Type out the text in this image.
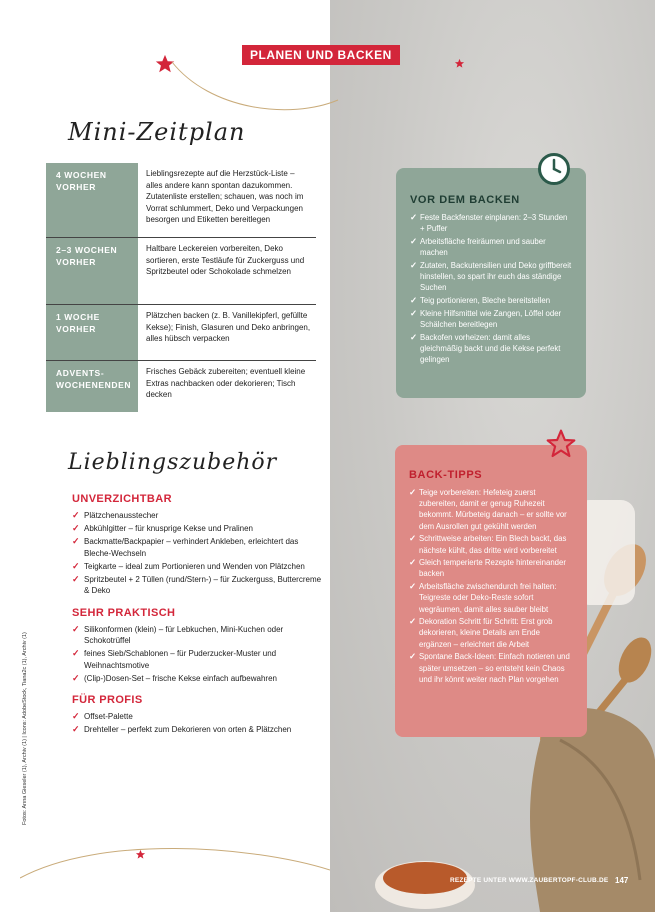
PLANEN UND BACKEN
Mini-Zeitplan
4 WOCHEN VORHER
Lieblingsrezepte auf die Herzstück-Liste – alles andere kann spontan dazukommen. Zutatenliste erstellen; schauen, was noch im Vorrat schlummert, Deko und Verpackungen besorgen und Etiketten bereitlegen
2–3 WOCHEN VORHER
Haltbare Leckereien vorbereiten, Deko sortieren, erste Testläufe für Zuckerguss und Spritzbeutel oder Schokolade schmelzen
1 WOCHE VORHER
Plätzchen backen (z. B. Vanillekipferl, gefüllte Kekse); Finish, Glasuren und Deko anbringen, alles hübsch verpacken
ADVENTS-WOCHENENDEN
Frisches Gebäck zubereiten; eventuell kleine Extras nachbacken oder dekorieren; Tisch decken
Lieblingszubehör
UNVERZICHTBAR
✓ Plätzchenausstecher
✓ Abkühlgitter – für knusprige Kekse und Pralinen
✓ Backmatte/Backpapier – verhindert Ankleben, erleichtert das Bleche-Wechseln
✓ Teigkarte – ideal zum Portionieren und Wenden von Plätzchen
✓ Spritzbeutel + 2 Tüllen (rund/Stern-) – für Zuckerguss, Buttercreme & Deko
SEHR PRAKTISCH
✓ Silikonformen (klein) – für Lebkuchen, Mini-Kuchen oder Schokotrüffel
✓ feines Sieb/Schablonen – für Puderzucker-Muster und Weihnachtsmotive
✓ (Clip-)Dosen-Set – frische Kekse einfach aufbewahren
FÜR PROFIS
✓ Offset-Palette
✓ Drehteller – perfekt zum Dekorieren von orten & Plätzchen
Fotos: Anna Gieseler (1), Archiv (1) | Icons: AdobeStock, Tiana2c (1), Archiv (1)
VOR DEM BACKEN
✓ Feste Backfenster einplanen: 2–3 Stunden + Puffer
✓ Arbeitsfläche freiräumen und sauber machen
✓ Zutaten, Backutensilien und Deko griffbereit hinstellen, so spart ihr euch das ständige Suchen
✓ Teig portionieren, Bleche bereitstellen
✓ Kleine Hilfsmittel wie Zangen, Löffel oder Schälchen bereitlegen
✓ Backofen vorheizen: damit alles gleichmäßig backt und die Kekse perfekt gelingen
BACK-TIPPS
✓ Teige vorbereiten: Hefeteig zuerst zubereiten, damit er genug Ruhezeit bekommt. Mürbeteig danach – er sollte vor dem Ausrollen gut gekühlt werden
✓ Schrittweise arbeiten: Ein Blech backt, das nächste kühlt, das dritte wird vorbereitet
✓ Gleich temperierte Rezepte hintereinander backen
✓ Arbeitsfläche zwischendurch frei halten: Teigreste oder Deko-Reste sofort wegräumen, damit alles sauber bleibt
✓ Dekoration Schritt für Schritt: Erst grob dekorieren, kleine Details am Ende ergänzen – erleichtert die Arbeit
✓ Spontane Back-Ideen: Einfach notieren und später umsetzen – so entsteht kein Chaos und ihr könnt weiter nach Plan vorgehen
REZEPTE UNTER WWW.ZAUBERTOPF-CLUB.DE 147
